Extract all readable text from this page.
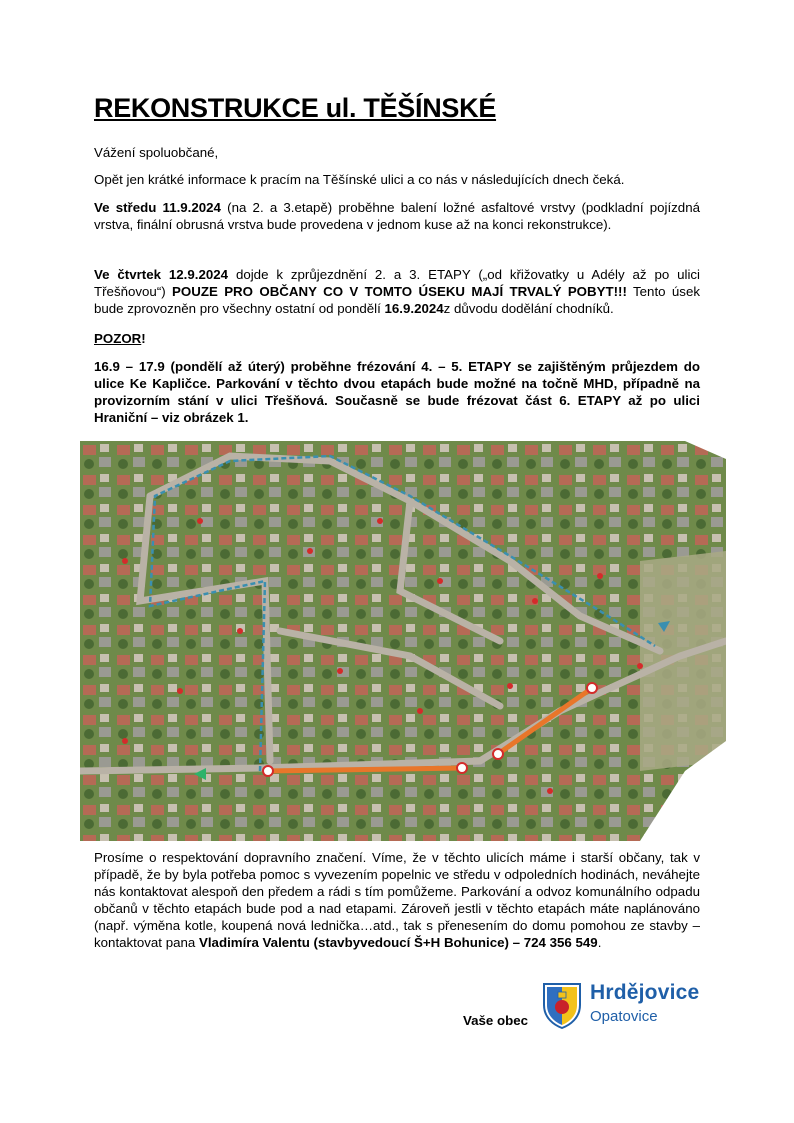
REKONSTRUKCE ul. TĚŠÍNSKÉ

Vážení spoluobčané,

Opět jen krátké informace k pracím na Těšínské ulici a co nás v následujících dnech čeká.

Ve středu 11.9.2024 (na 2. a 3.etapě) proběhne balení ložné asfaltové vrstvy (podkladní pojízdná vrstva, finální obrusná vrstva bude provedena v jednom kuse až na konci rekonstrukce).

Ve čtvrtek 12.9.2024 dojde k zprůjezdnění 2. a 3. ETAPY („od křižovatky u Adély až po ulici Třešňovou“) POUZE PRO OBČANY CO V TOMTO ÚSEKU MAJÍ TRVALÝ POBYT!!! Tento úsek bude zprovozněn pro všechny ostatní od pondělí 16.9.2024z důvodu dodělání chodníků.

POZOR!

16.9 – 17.9 (pondělí až úterý) proběhne frézování 4. – 5. ETAPY se zajištěným průjezdem do ulice Ke Kapličce. Parkování v těchto dvou etapách bude možné na točně MHD, případně na provizorním stání v ulici Třešňová. Současně se bude frézovat část 6. ETAPY až po ulici Hraniční – viz obrázek 1.

Prosíme o respektování dopravního značení. Víme, že v těchto ulicích máme i starší občany, tak v případě, že by byla potřeba pomoc s vyvezením popelnic ve středu v odpoledních hodinách, neváhejte nás kontaktovat alespoň den předem a rádi s tím pomůžeme. Parkování a odvoz komunálního odpadu občanů v těchto etapách bude pod a nad etapami. Zároveň jestli v těchto etapách máte naplánováno (např. výměna kotle, koupená nová lednička…atd., tak s přenesením do domu pomohou ze stavby – kontaktovat pana Vladimíra Valentu (stavbyvedoucí Š+H Bohunice) – 724 356 549.

Vaše obec
Hrdějovice
Opatovice
